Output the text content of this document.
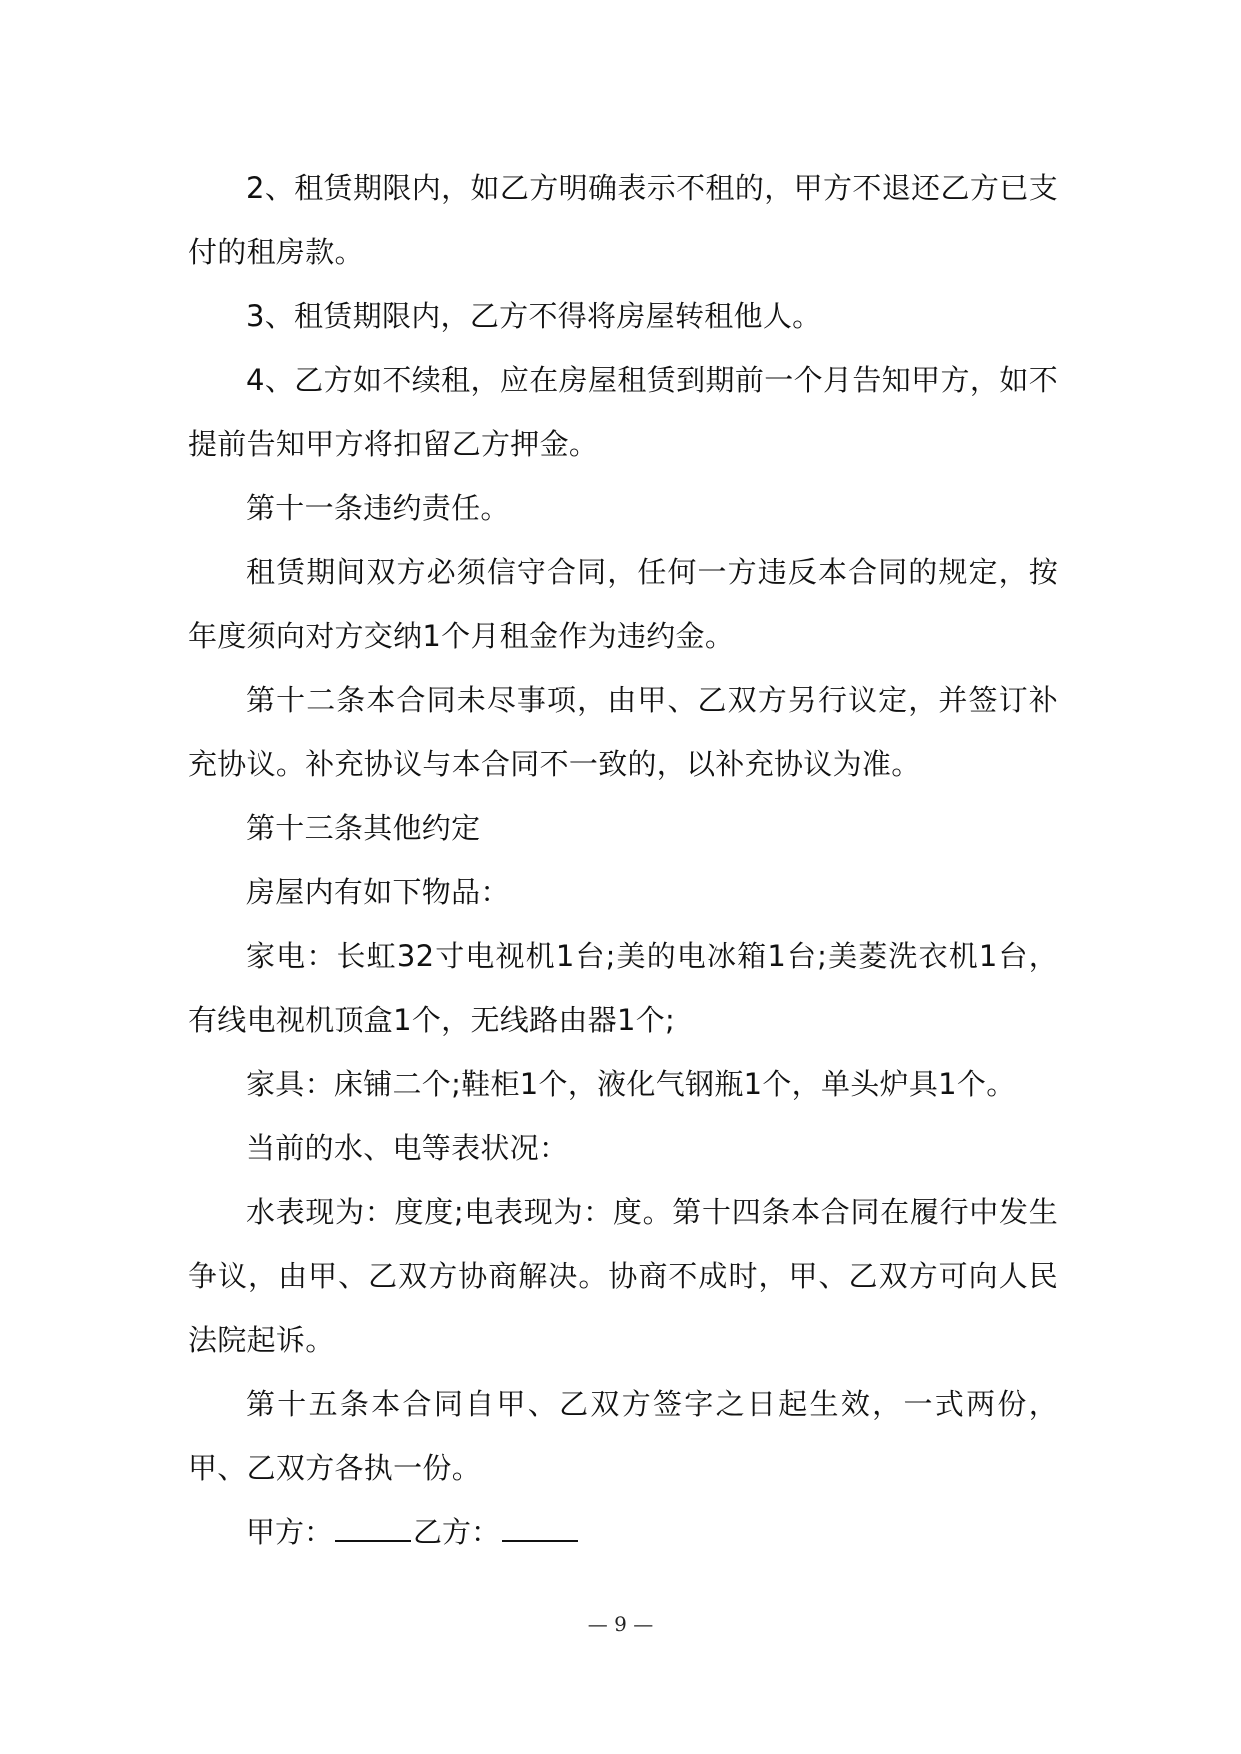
2、租赁期限内，如乙方明确表示不租的，甲方不退还乙方已支付的租房款。

3、租赁期限内，乙方不得将房屋转租他人。

4、乙方如不续租，应在房屋租赁到期前一个月告知甲方，如不提前告知甲方将扣留乙方押金。

第十一条违约责任。

租赁期间双方必须信守合同，任何一方违反本合同的规定，按年度须向对方交纳1个月租金作为违约金。

第十二条本合同未尽事项，由甲、乙双方另行议定，并签订补充协议。补充协议与本合同不一致的，以补充协议为准。

第十三条其他约定

房屋内有如下物品：

家电：长虹32寸电视机1台;美的电冰箱1台;美菱洗衣机1台，有线电视机顶盒1个，无线路由器1个;

家具：床铺二个;鞋柜1个，液化气钢瓶1个，单头炉具1个。

当前的水、电等表状况：

水表现为：度度;电表现为：度。第十四条本合同在履行中发生争议，由甲、乙双方协商解决。协商不成时，甲、乙双方可向人民法院起诉。

第十五条本合同自甲、乙双方签字之日起生效，一式两份，甲、乙双方各执一份。

甲方：	乙方：

— 9 —
